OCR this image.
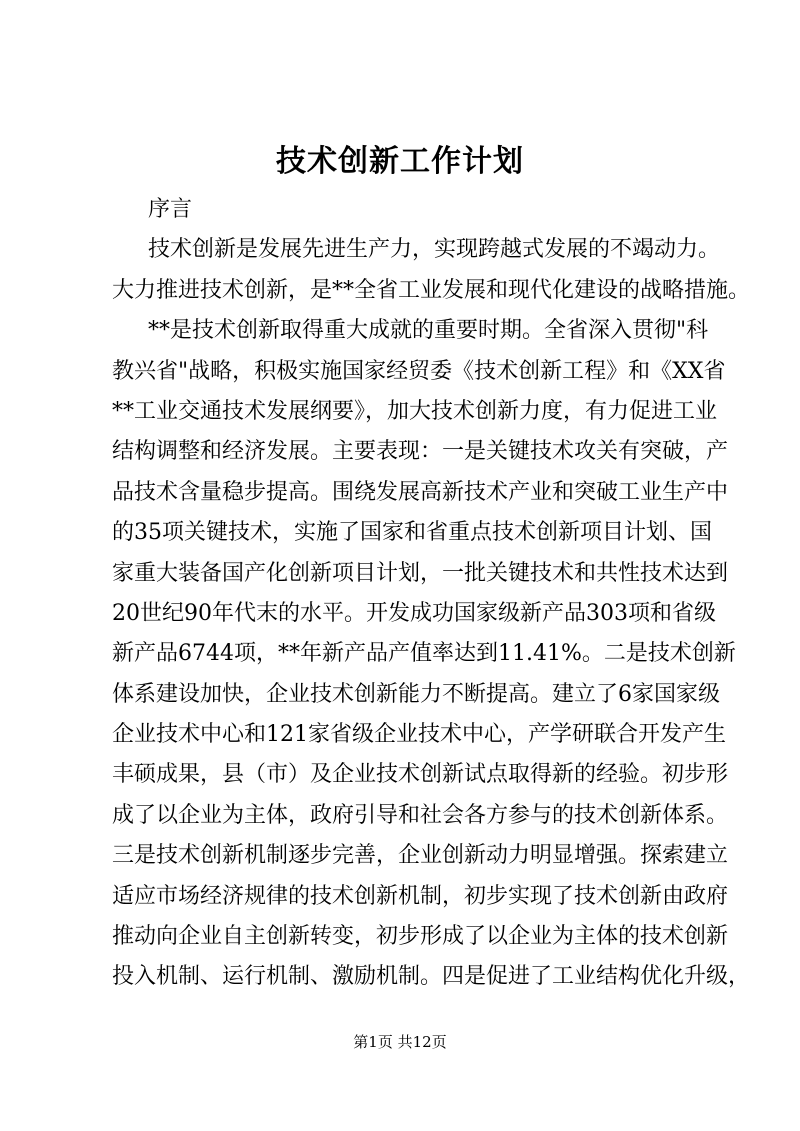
技术创新工作计划
序言
技术创新是发展先进生产力，实现跨越式发展的不竭动力。
大力推进技术创新，是**全省工业发展和现代化建设的战略措施。
**是技术创新取得重大成就的重要时期。全省深入贯彻"科
教兴省"战略，积极实施国家经贸委《技术创新工程》和《XX省
**工业交通技术发展纲要》，加大技术创新力度，有力促进工业
结构调整和经济发展。主要表现：一是关键技术攻关有突破，产
品技术含量稳步提高。围绕发展高新技术产业和突破工业生产中
的35项关键技术，实施了国家和省重点技术创新项目计划、国
家重大装备国产化创新项目计划，一批关键技术和共性技术达到
20世纪90年代末的水平。开发成功国家级新产品303项和省级
新产品6744项，**年新产品产值率达到11.41%。二是技术创新
体系建设加快，企业技术创新能力不断提高。建立了6家国家级
企业技术中心和121家省级企业技术中心，产学研联合开发产生
丰硕成果，县（市）及企业技术创新试点取得新的经验。初步形
成了以企业为主体，政府引导和社会各方参与的技术创新体系。
三是技术创新机制逐步完善，企业创新动力明显增强。探索建立
适应市场经济规律的技术创新机制，初步实现了技术创新由政府
推动向企业自主创新转变，初步形成了以企业为主体的技术创新
投入机制、运行机制、激励机制。四是促进了工业结构优化升级，
第1页 共12页
